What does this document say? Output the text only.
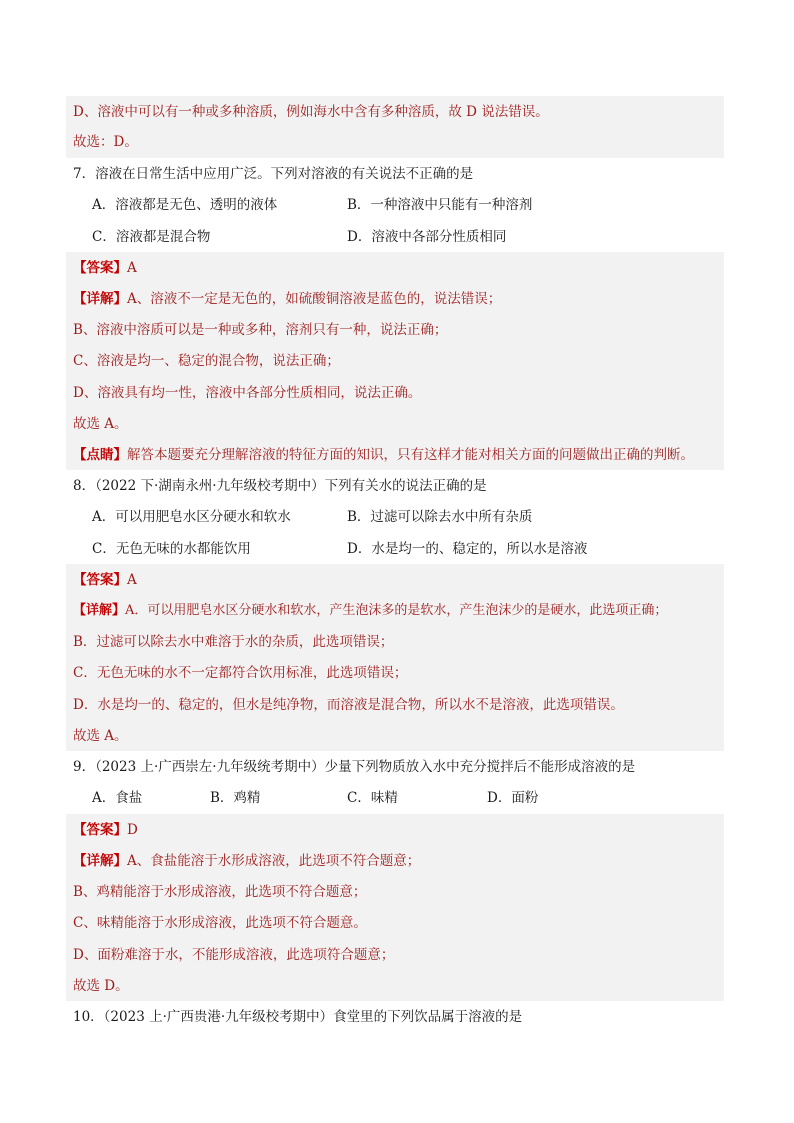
D、溶液中可以有一种或多种溶质，例如海水中含有多种溶质，故 D 说法错误。
故选：D。
7．溶液在日常生活中应用广泛。下列对溶液的有关说法不正确的是
A．溶液都是无色、透明的液体	B．一种溶液中只能有一种溶剂
C．溶液都是混合物	D．溶液中各部分性质相同
【答案】A
【详解】A、溶液不一定是无色的，如硫酸铜溶液是蓝色的，说法错误；
B、溶液中溶质可以是一种或多种，溶剂只有一种，说法正确；
C、溶液是均一、稳定的混合物，说法正确；
D、溶液具有均一性，溶液中各部分性质相同，说法正确。
故选 A。
【点睛】解答本题要充分理解溶液的特征方面的知识，只有这样才能对相关方面的问题做出正确的判断。
8．（2022 下·湖南永州·九年级校考期中）下列有关水的说法正确的是
A．可以用肥皂水区分硬水和软水	B．过滤可以除去水中所有杂质
C．无色无味的水都能饮用	D．水是均一的、稳定的，所以水是溶液
【答案】A
【详解】A．可以用肥皂水区分硬水和软水，产生泡沫多的是软水，产生泡沫少的是硬水，此选项正确；
B．过滤可以除去水中难溶于水的杂质，此选项错误；
C．无色无味的水不一定都符合饮用标准，此选项错误；
D．水是均一的、稳定的，但水是纯净物，而溶液是混合物，所以水不是溶液，此选项错误。
故选 A。
9．（2023 上·广西崇左·九年级统考期中）少量下列物质放入水中充分搅拌后不能形成溶液的是
A．食盐	B．鸡精	C．味精	D．面粉
【答案】D
【详解】A、食盐能溶于水形成溶液，此选项不符合题意；
B、鸡精能溶于水形成溶液，此选项不符合题意；
C、味精能溶于水形成溶液，此选项不符合题意。
D、面粉难溶于水，不能形成溶液，此选项符合题意；
故选 D。
10．（2023 上·广西贵港·九年级校考期中）食堂里的下列饮品属于溶液的是
